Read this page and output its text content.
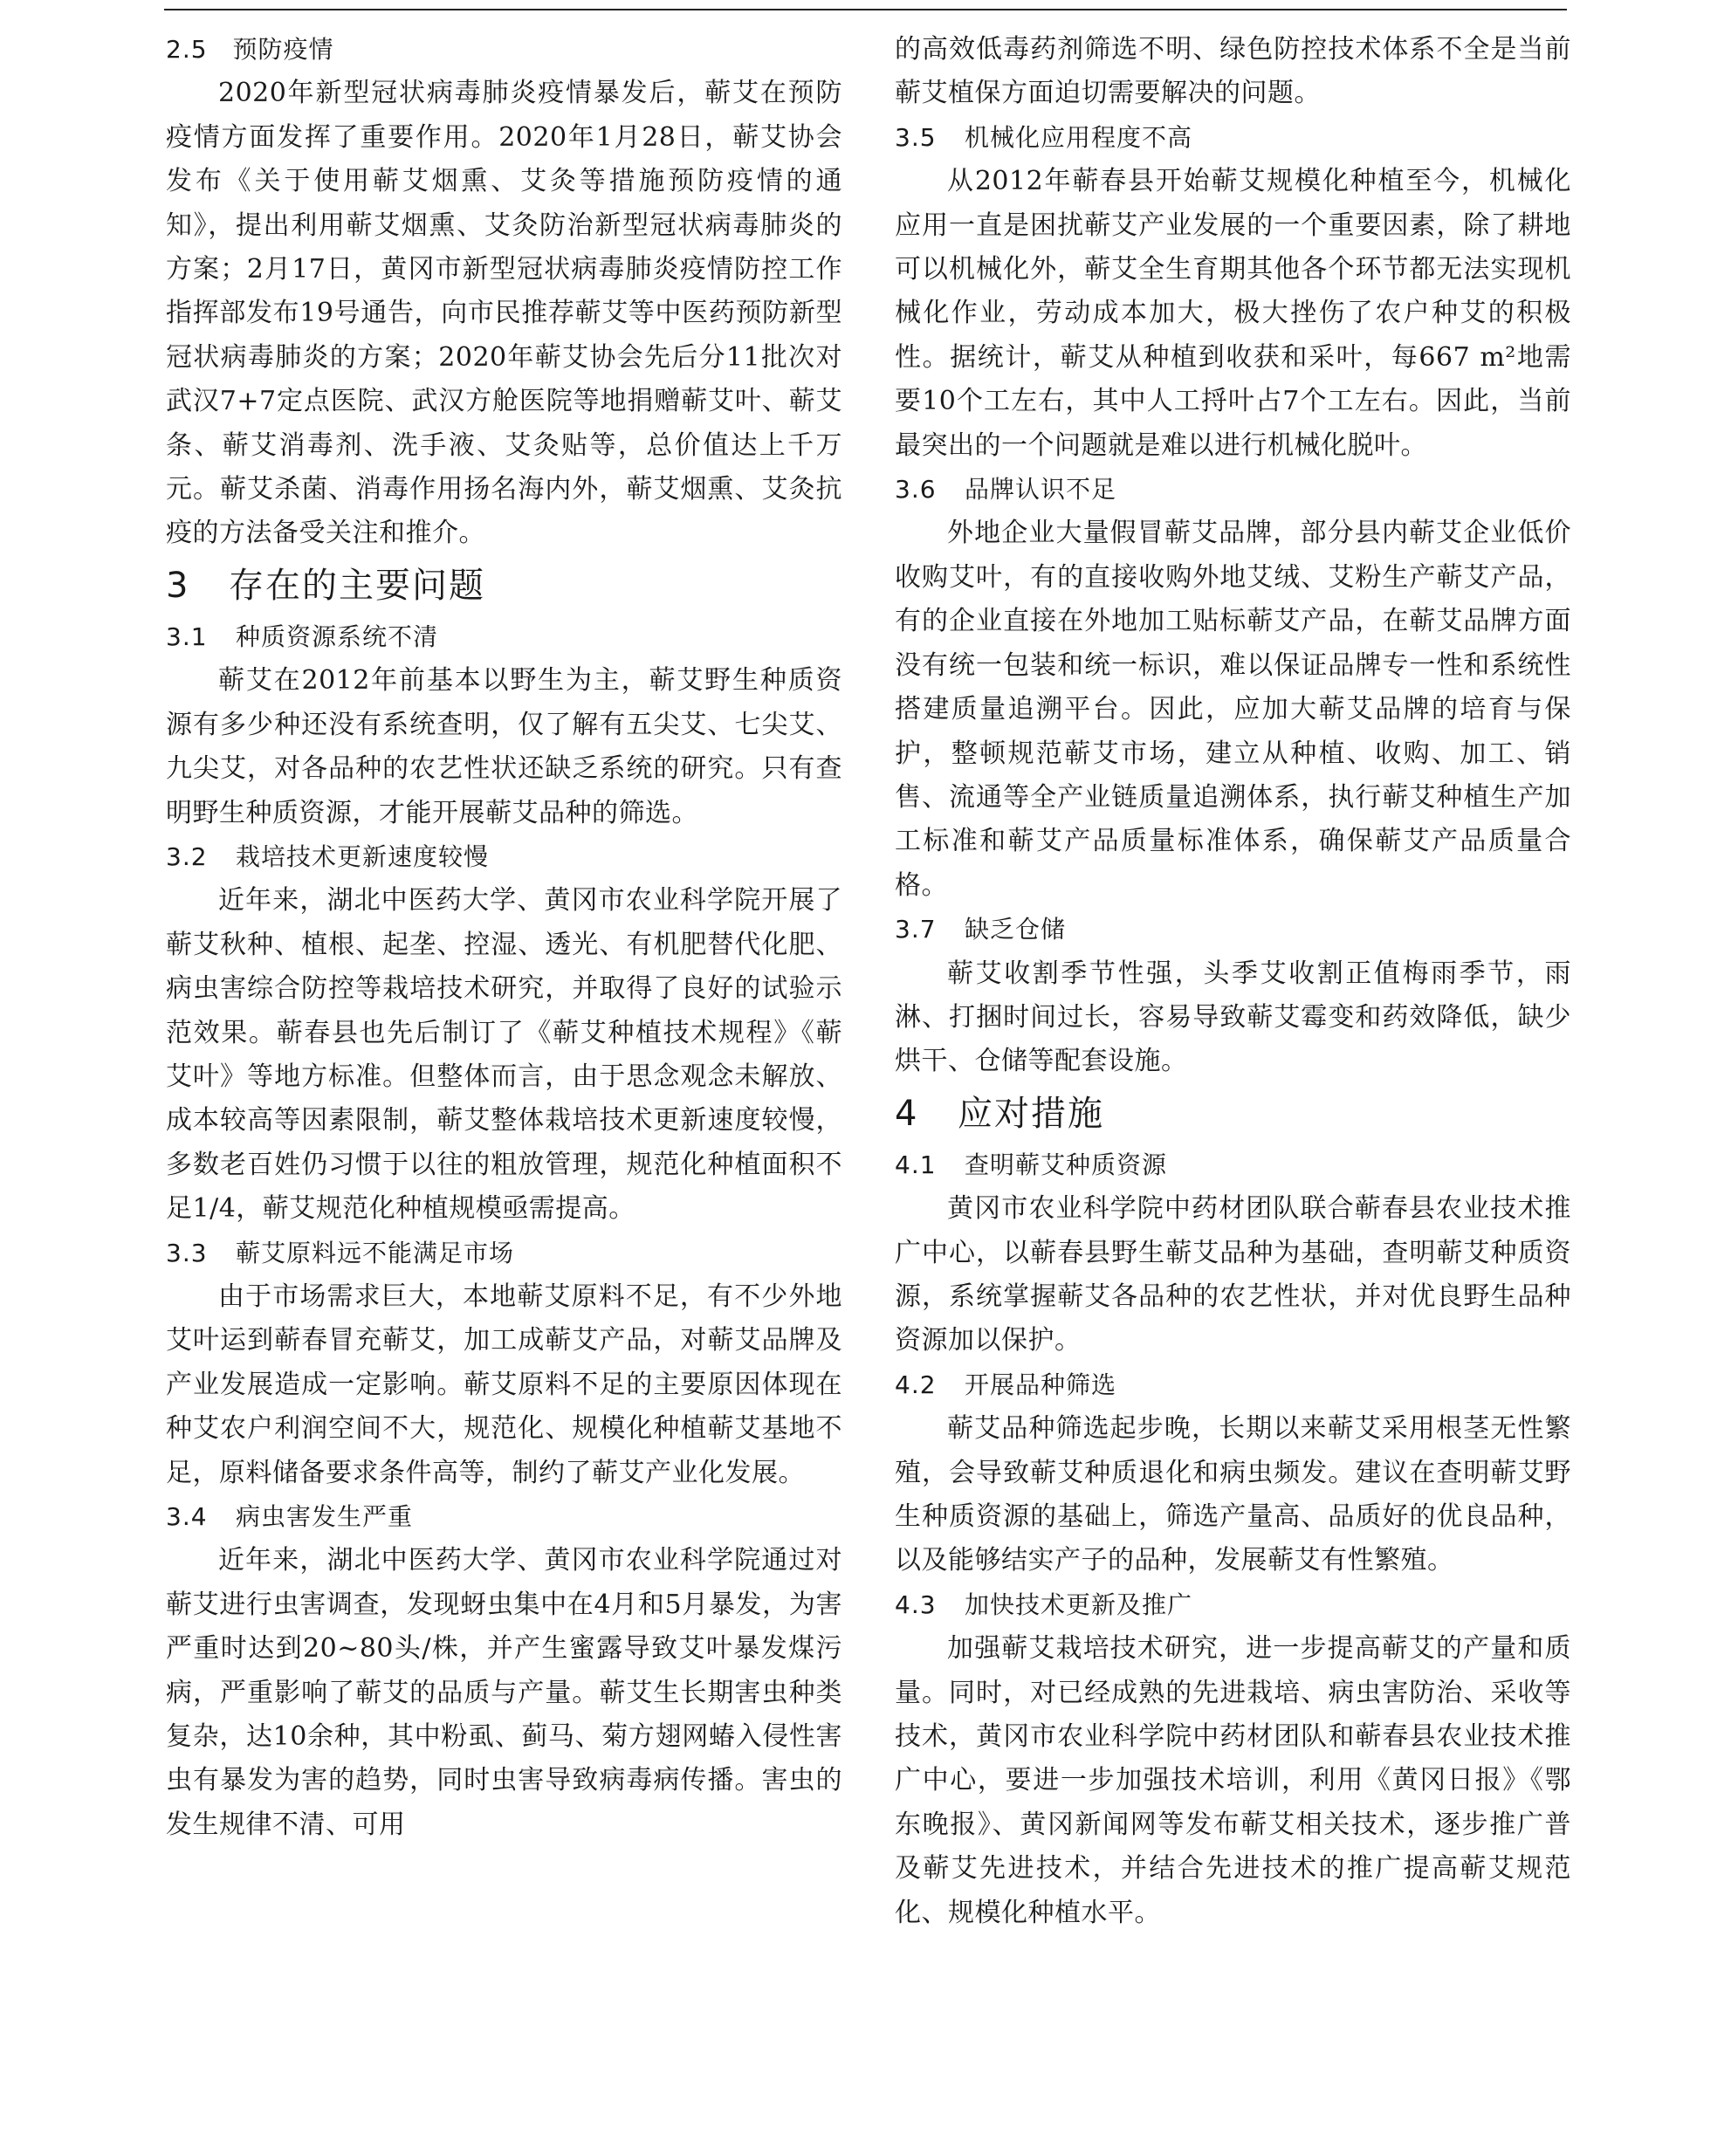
2.5　预防疫情

2020年新型冠状病毒肺炎疫情暴发后，蕲艾在预防疫情方面发挥了重要作用。2020年1月28日，蕲艾协会发布《关于使用蕲艾烟熏、艾灸等措施预防疫情的通知》，提出利用蕲艾烟熏、艾灸防治新型冠状病毒肺炎的方案；2月17日，黄冈市新型冠状病毒肺炎疫情防控工作指挥部发布19号通告，向市民推荐蕲艾等中医药预防新型冠状病毒肺炎的方案；2020年蕲艾协会先后分11批次对武汉7+7定点医院、武汉方舱医院等地捐赠蕲艾叶、蕲艾条、蕲艾消毒剂、洗手液、艾灸贴等，总价值达上千万元。蕲艾杀菌、消毒作用扬名海内外，蕲艾烟熏、艾灸抗疫的方法备受关注和推介。

3 存在的主要问题
3.1 种质资源系统不清

蕲艾在2012年前基本以野生为主，蕲艾野生种质资源有多少种还没有系统查明，仅了解有五尖艾、七尖艾、九尖艾，对各品种的农艺性状还缺乏系统的研究。只有查明野生种质资源，才能开展蕲艾品种的筛选。

3.2 栽培技术更新速度较慢

近年来，湖北中医药大学、黄冈市农业科学院开展了蕲艾秋种、植根、起垄、控湿、透光、有机肥替代化肥、病虫害综合防控等栽培技术研究，并取得了良好的试验示范效果。蕲春县也先后制订了《蕲艾种植技术规程》《蕲艾叶》等地方标准。但整体而言，由于思念观念未解放、成本较高等因素限制，蕲艾整体栽培技术更新速度较慢，多数老百姓仍习惯于以往的粗放管理，规范化种植面积不足1/4，蕲艾规范化种植规模亟需提高。

3.3 蕲艾原料远不能满足市场

由于市场需求巨大，本地蕲艾原料不足，有不少外地艾叶运到蕲春冒充蕲艾，加工成蕲艾产品，对蕲艾品牌及产业发展造成一定影响。蕲艾原料不足的主要原因体现在种艾农户利润空间不大，规范化、规模化种植蕲艾基地不足，原料储备要求条件高等，制约了蕲艾产业化发展。

3.4 病虫害发生严重

近年来，湖北中医药大学、黄冈市农业科学院通过对蕲艾进行虫害调查，发现蚜虫集中在4月和5月暴发，为害严重时达到20~80头/株，并产生蜜露导致艾叶暴发煤污病，严重影响了蕲艾的品质与产量。蕲艾生长期害虫种类复杂，达10余种，其中粉虱、蓟马、菊方翅网蝽入侵性害虫有暴发为害的趋势，同时虫害导致病毒病传播。害虫的发生规律不清、可用

的高效低毒药剂筛选不明、绿色防控技术体系不全是当前蕲艾植保方面迫切需要解决的问题。

3.5 机械化应用程度不高

从2012年蕲春县开始蕲艾规模化种植至今，机械化应用一直是困扰蕲艾产业发展的一个重要因素，除了耕地可以机械化外，蕲艾全生育期其他各个环节都无法实现机械化作业，劳动成本加大，极大挫伤了农户种艾的积极性。据统计，蕲艾从种植到收获和采叶，每667 m²地需要10个工左右，其中人工捋叶占7个工左右。因此，当前最突出的一个问题就是难以进行机械化脱叶。

3.6 品牌认识不足

外地企业大量假冒蕲艾品牌，部分县内蕲艾企业低价收购艾叶，有的直接收购外地艾绒、艾粉生产蕲艾产品，有的企业直接在外地加工贴标蕲艾产品，在蕲艾品牌方面没有统一包装和统一标识，难以保证品牌专一性和系统性搭建质量追溯平台。因此，应加大蕲艾品牌的培育与保护，整顿规范蕲艾市场，建立从种植、收购、加工、销售、流通等全产业链质量追溯体系，执行蕲艾种植生产加工标准和蕲艾产品质量标准体系，确保蕲艾产品质量合格。

3.7 缺乏仓储

蕲艾收割季节性强，头季艾收割正值梅雨季节，雨淋、打捆时间过长，容易导致蕲艾霉变和药效降低，缺少烘干、仓储等配套设施。

4 应对措施
4.1 查明蕲艾种质资源

黄冈市农业科学院中药材团队联合蕲春县农业技术推广中心，以蕲春县野生蕲艾品种为基础，查明蕲艾种质资源，系统掌握蕲艾各品种的农艺性状，并对优良野生品种资源加以保护。

4.2 开展品种筛选

蕲艾品种筛选起步晚，长期以来蕲艾采用根茎无性繁殖，会导致蕲艾种质退化和病虫频发。建议在查明蕲艾野生种质资源的基础上，筛选产量高、品质好的优良品种，以及能够结实产子的品种，发展蕲艾有性繁殖。

4.3 加快技术更新及推广

加强蕲艾栽培技术研究，进一步提高蕲艾的产量和质量。同时，对已经成熟的先进栽培、病虫害防治、采收等技术，黄冈市农业科学院中药材团队和蕲春县农业技术推广中心，要进一步加强技术培训，利用《黄冈日报》《鄂东晚报》、黄冈新闻网等发布蕲艾相关技术，逐步推广普及蕲艾先进技术，并结合先进技术的推广提高蕲艾规范化、规模化种植水平。
